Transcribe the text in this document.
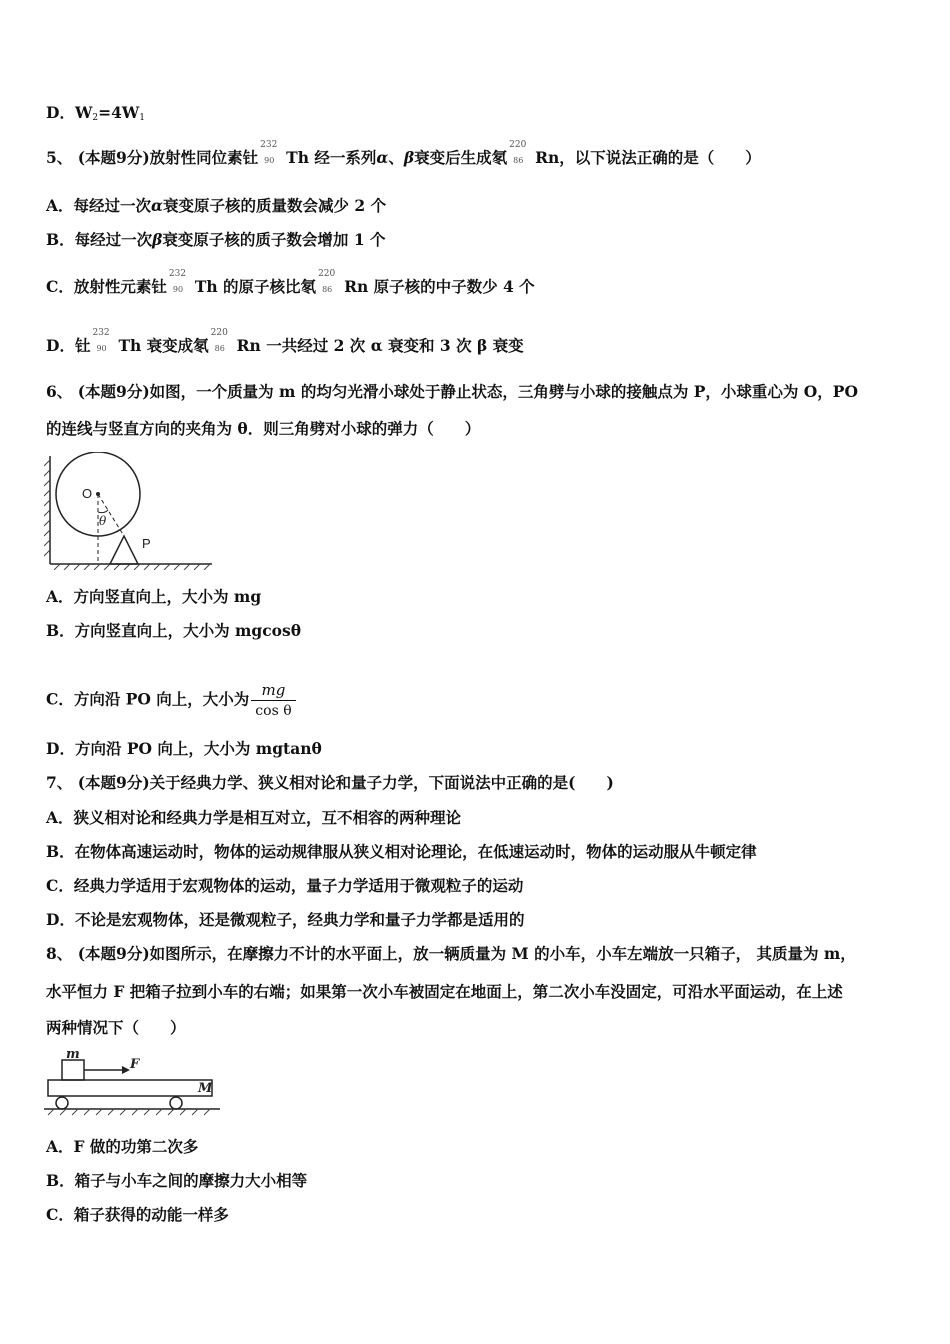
D．$W_2=4W_1$
5、 (本题9分)放射性同位素钍
232
90 Th 经一系列α、β衰变后生成氡
220
86 Rn，以下说法正确的是（　　）
A．每经过一次α衰变原子核的质量数会减少 2 个
B．每经过一次β衰变原子核的质子数会增加 1 个
C．放射性元素钍
232
90 Th 的原子核比氡
220
86 Rn 原子核的中子数少 4 个
D．钍
232
90 Th 衰变成氡
220
86 Rn 一共经过 2 次 α 衰变和 3 次 β 衰变
6、 (本题9分)如图，一个质量为 m 的均匀光滑小球处于静止状态，三角劈与小球的接触点为 P，小球重心为 O，PO
的连线与竖直方向的夹角为 θ．则三角劈对小球的弹力（　　）
O
θ
P
A．方向竖直向上，大小为 mg
B．方向竖直向上，大小为 mgcosθ
C．方向沿 PO 向上，大小为 $\frac{mg}{\text{cos θ}}$
D．方向沿 PO 向上，大小为 mgtanθ
7、 (本题9分)关于经典力学、狭义相对论和量子力学，下面说法中正确的是(　　)
A．狭义相对论和经典力学是相互对立，互不相容的两种理论
B．在物体高速运动时，物体的运动规律服从狭义相对论理论，在低速运动时，物体的运动服从牛顿定律
C．经典力学适用于宏观物体的运动，量子力学适用于微观粒子的运动
D．不论是宏观物体，还是微观粒子，经典力学和量子力学都是适用的
8、 (本题9分)如图所示，在摩擦力不计的水平面上，放一辆质量为 M 的小车，小车左端放一只箱子， 其质量为 m，
水平恒力 F 把箱子拉到小车的右端；如果第一次小车被固定在地面上，第二次小车没固定，可沿水平面运动，在上述
两种情况下（　　）
m
F
M
A．F 做的功第二次多
B．箱子与小车之间的摩擦力大小相等
C．箱子获得的动能一样多
